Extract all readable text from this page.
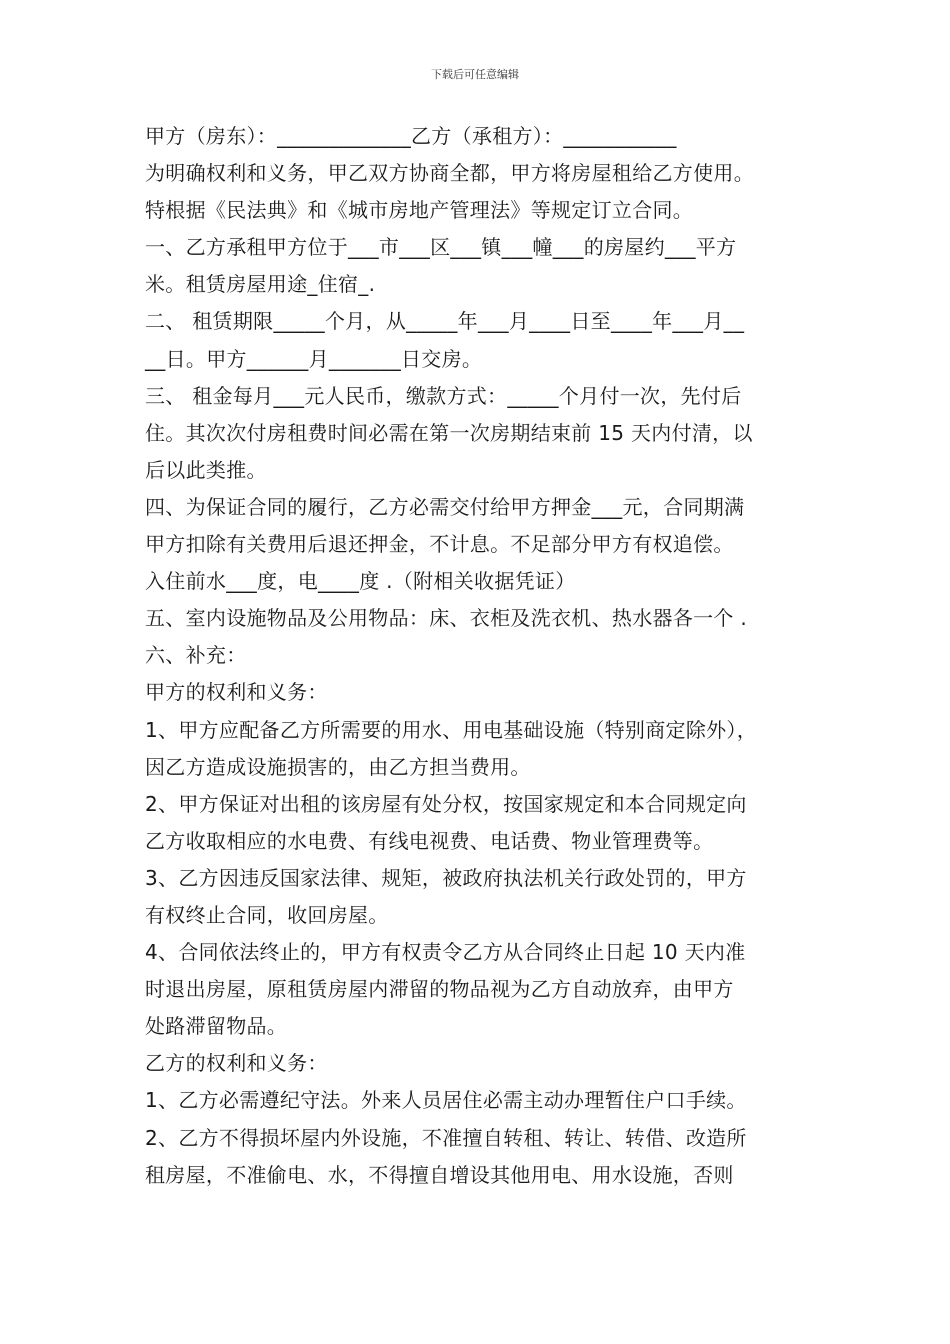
下载后可任意编辑
甲方（房东）：_____________乙方（承租方）：___________
为明确权利和义务，甲乙双方协商全都，甲方将房屋租给乙方使用。
特根据《民法典》和《城市房地产管理法》等规定订立合同。
一、乙方承租甲方位于___市___区___镇___幢___的房屋约___平方
米。租赁房屋用途_住宿_.
二、 租赁期限_____个月，从_____年___月____日至____年___月__
__日。甲方______月_______日交房。
三、 租金每月___元人民币，缴款方式：_____个月付一次，先付后
住。其次次付房租费时间必需在第一次房期结束前 15 天内付清，以
后以此类推。
四、为保证合同的履行，乙方必需交付给甲方押金___元，合同期满
甲方扣除有关费用后退还押金，不计息。不足部分甲方有权追偿。
入住前水___度，电____度 .（附相关收据凭证）
五、室内设施物品及公用物品：床、衣柜及洗衣机、热水器各一个 .
六、补充：
甲方的权利和义务：
1、甲方应配备乙方所需要的用水、用电基础设施（特别商定除外），
因乙方造成设施损害的，由乙方担当费用。
2、甲方保证对出租的该房屋有处分权，按国家规定和本合同规定向
乙方收取相应的水电费、有线电视费、电话费、物业管理费等。
3、乙方因违反国家法律、规矩，被政府执法机关行政处罚的，甲方
有权终止合同，收回房屋。
4、合同依法终止的，甲方有权责令乙方从合同终止日起 10 天内准
时退出房屋，原租赁房屋内滞留的物品视为乙方自动放弃，由甲方
处路滞留物品。
乙方的权利和义务：
1、乙方必需遵纪守法。外来人员居住必需主动办理暂住户口手续。
2、乙方不得损坏屋内外设施，不准擅自转租、转让、转借、改造所
租房屋，不准偷电、水，不得擅自增设其他用电、用水设施，否则
